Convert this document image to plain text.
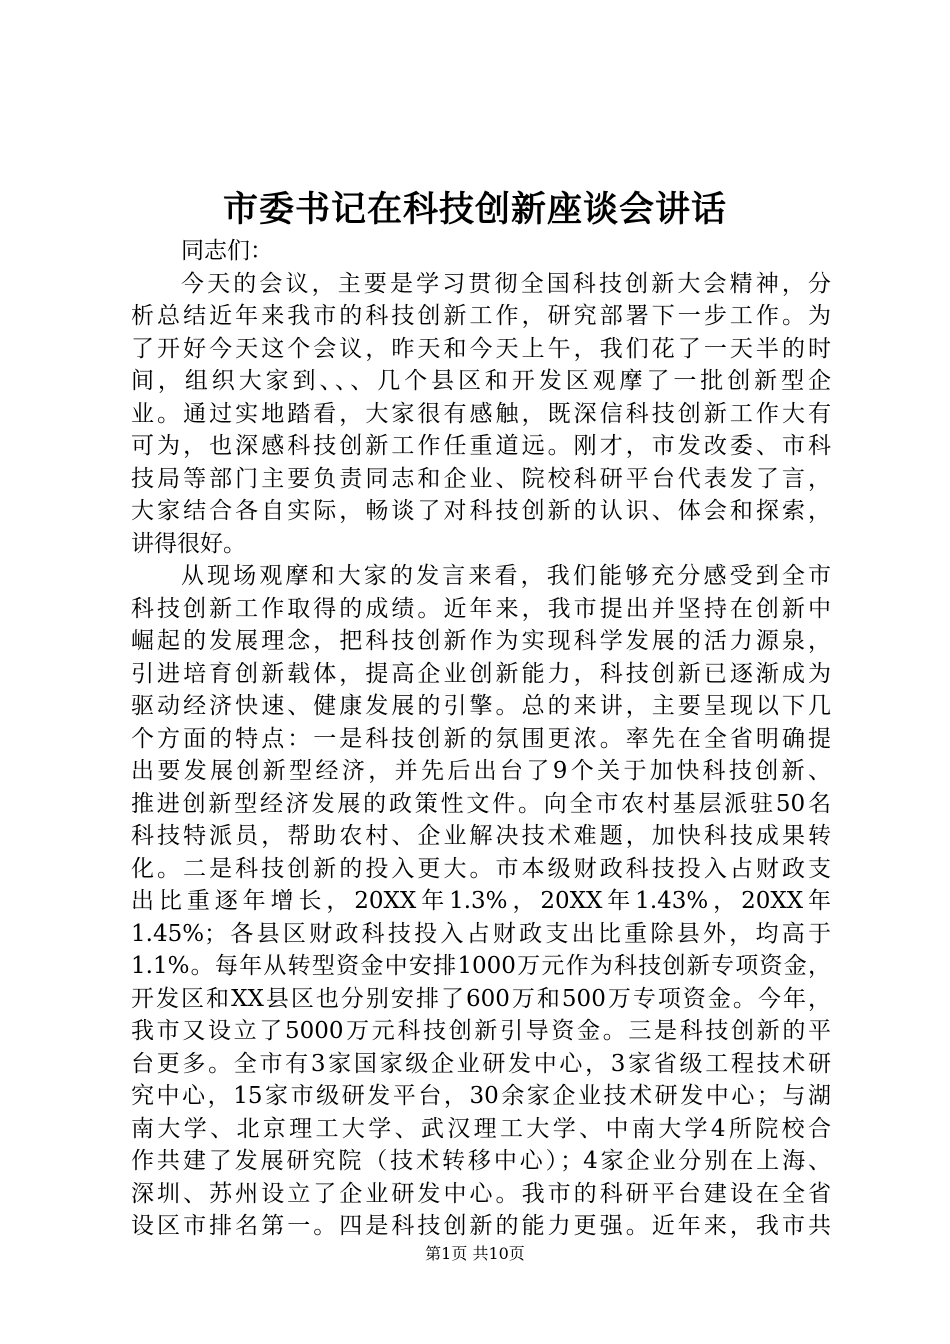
市委书记在科技创新座谈会讲话
同志们：
今天的会议，主要是学习贯彻全国科技创新大会精神，分
析总结近年来我市的科技创新工作，研究部署下一步工作。为
了开好今天这个会议，昨天和今天上午，我们花了一天半的时
间，组织大家到、、、几个县区和开发区观摩了一批创新型企
业。通过实地踏看，大家很有感触，既深信科技创新工作大有
可为，也深感科技创新工作任重道远。刚才，市发改委、市科
技局等部门主要负责同志和企业、院校科研平台代表发了言，
大家结合各自实际，畅谈了对科技创新的认识、体会和探索，
讲得很好。
从现场观摩和大家的发言来看，我们能够充分感受到全市
科技创新工作取得的成绩。近年来，我市提出并坚持在创新中
崛起的发展理念，把科技创新作为实现科学发展的活力源泉，
引进培育创新载体，提高企业创新能力，科技创新已逐渐成为
驱动经济快速、健康发展的引擎。总的来讲，主要呈现以下几
个方面的特点：一是科技创新的氛围更浓。率先在全省明确提
出要发展创新型经济，并先后出台了9个关于加快科技创新、
推进创新型经济发展的政策性文件。向全市农村基层派驻50名
科技特派员，帮助农村、企业解决技术难题，加快科技成果转
化。二是科技创新的投入更大。市本级财政科技投入占财政支
出比重逐年增长，20XX年1.3%，20XX年1.43%，20XX年
1.45%；各县区财政科技投入占财政支出比重除县外，均高于
1.1%。每年从转型资金中安排1000万元作为科技创新专项资金，
开发区和XX县区也分别安排了600万和500万专项资金。今年，
我市又设立了5000万元科技创新引导资金。三是科技创新的平
台更多。全市有3家国家级企业研发中心，3家省级工程技术研
究中心，15家市级研发平台，30余家企业技术研发中心；与湖
南大学、北京理工大学、武汉理工大学、中南大学4所院校合
作共建了发展研究院（技术转移中心）；4家企业分别在上海、
深圳、苏州设立了企业研发中心。我市的科研平台建设在全省
设区市排名第一。四是科技创新的能力更强。近年来，我市共
第1页 共10页
